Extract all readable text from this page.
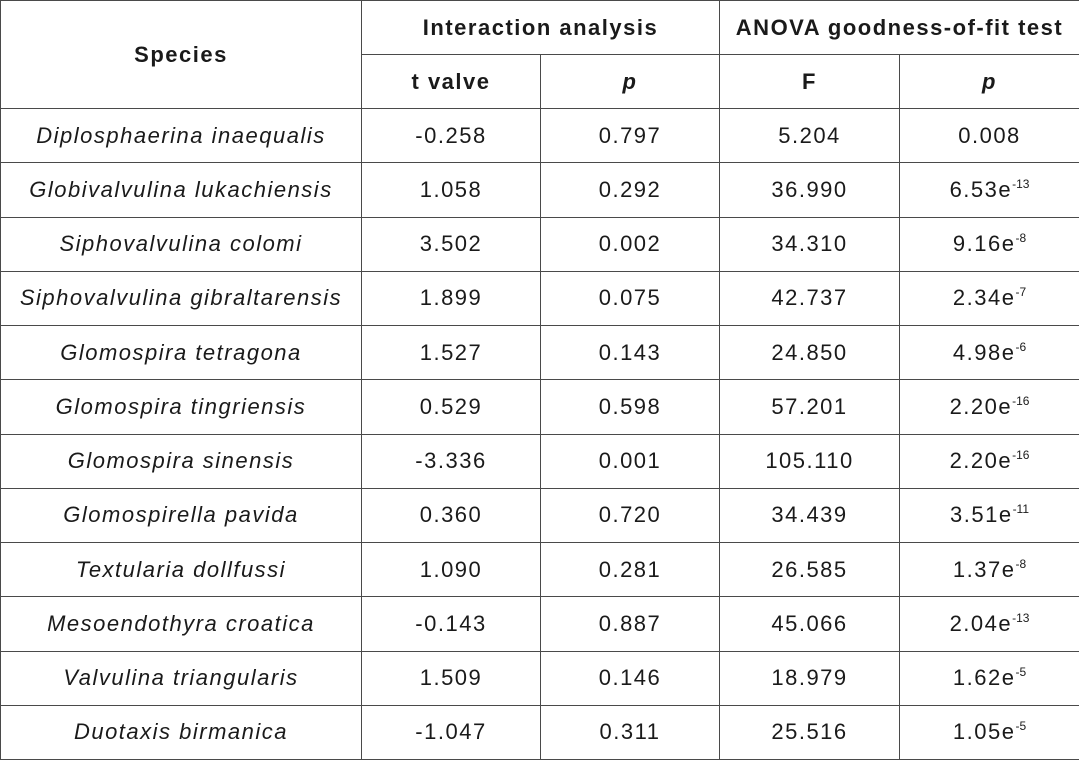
Species	Interaction analysis		ANOVA goodness-of-fit test	
	t valve	p	F	p
Diplosphaerina inaequalis	-0.258	0.797	5.204	0.008
Globivalvulina lukachiensis	1.058	0.292	36.990	$6.53e^{-13}$
Siphovalvulina colomi	3.502	0.002	34.310	$9.16e^{-8}$
Siphovalvulina gibraltarensis	1.899	0.075	42.737	$2.34e^{-7}$
Glomospira tetragona	1.527	0.143	24.850	$4.98e^{-6}$
Glomospira tingriensis	0.529	0.598	57.201	$2.20e^{-16}$
Glomospira sinensis	-3.336	0.001	105.110	$2.20e^{-16}$
Glomospirella pavida	0.360	0.720	34.439	$3.51e^{-11}$
Textularia dollfussi	1.090	0.281	26.585	$1.37e^{-8}$
Mesoendothyra croatica	-0.143	0.887	45.066	$2.04e^{-13}$
Valvulina triangularis	1.509	0.146	18.979	$1.62e^{-5}$
Duotaxis birmanica	-1.047	0.311	25.516	$1.05e^{-5}$
